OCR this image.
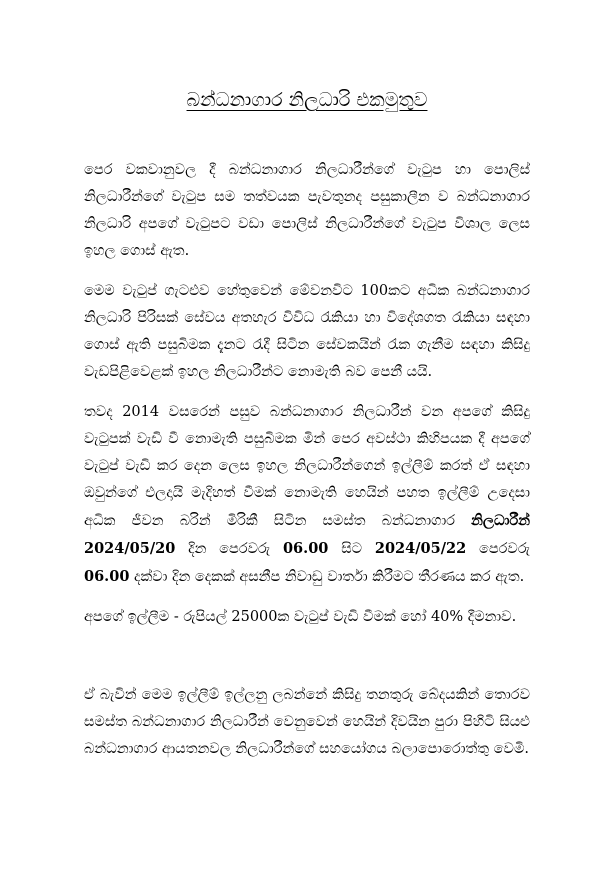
බන්ධනාගාර නිලධාරි එකමුතුව

පෙර වකවානුවල දී බන්ධනාගාර නිලධාරීන්ගේ වැටුප හා පොලිස් නිලධාරීන්ගේ වැටුප සම තත්වයක පැවතුනද පසුකාලීන ව බන්ධනාගාර නිලධාරි අපගේ වැටුපට වඩා පොලිස් නිලධාරීන්ගේ වැටුප විශාල ලෙස ඉහල ගොස් ඇත.

මෙම වැටුප් ගැටළුව හේතුවෙන් මේවනවිට 100කට අධික බන්ධනාගාර නිලධාරි පිරිසක් සේවය අතහැර විවිධ රැකියා හා විදේශගත රැකියා සඳහා ගොස් ඇති පසුබිමක දැනට රැදී සිටින සේවකයින් රැක ගැනීම සඳහා කිසිදු වැඩපිළිවෙළක් ඉහල නිලධාරීන්ට නොමැති බව පෙනී යයි.

තවද 2014 වසරෙන් පසුව බන්ධනාගාර නිලධාරීන් වන අපගේ කිසිදු වැටුපක් වැඩි වී නොමැති පසුබිමක මින් පෙර අවස්ථා කිහිපයක දී අපගේ වැටුප් වැඩි කර දෙන ලෙස ඉහල නිලධාරීන්ගෙන් ඉල්ලීම් කරත් ඒ සඳහා ඔවුන්ගේ එලදායි මැදිහත් වීමක් නොමැති හෙයින් පහත ඉල්ලීම් උදෙසා අධික ජීවන බරින් මිරිකී සිටින සමස්ත බන්ධනාගාර නිලධාරීන් 2024/05/20 දින පෙරවරු 06.00 සිට 2024/05/22 පෙරවරු 06.00 දක්වා දින දෙකක් අසනීප නිවාඩු වාර්තා කිරීමට තීරණය කර ඇත.

අපගේ ඉල්ලීම - රුපියල් 25000ක වැටුප් වැඩි වීමක් හෝ 40% දීමනාව.

ඒ බැවින් මෙම ඉල්ලීම් ඉල්ලනු ලබන්නේ කිසිදු තනතුරු බේදයකින් තොරව සමස්ත බන්ධනාගාර නිලධාරීන් වෙනුවෙන් හෙයින් දිවයින පුරා පිහිටි සියළු බන්ධනාගාර ආයතනවල නිලධාරීන්ගේ සහයෝගය බලාපොරොත්තු වෙමි.
